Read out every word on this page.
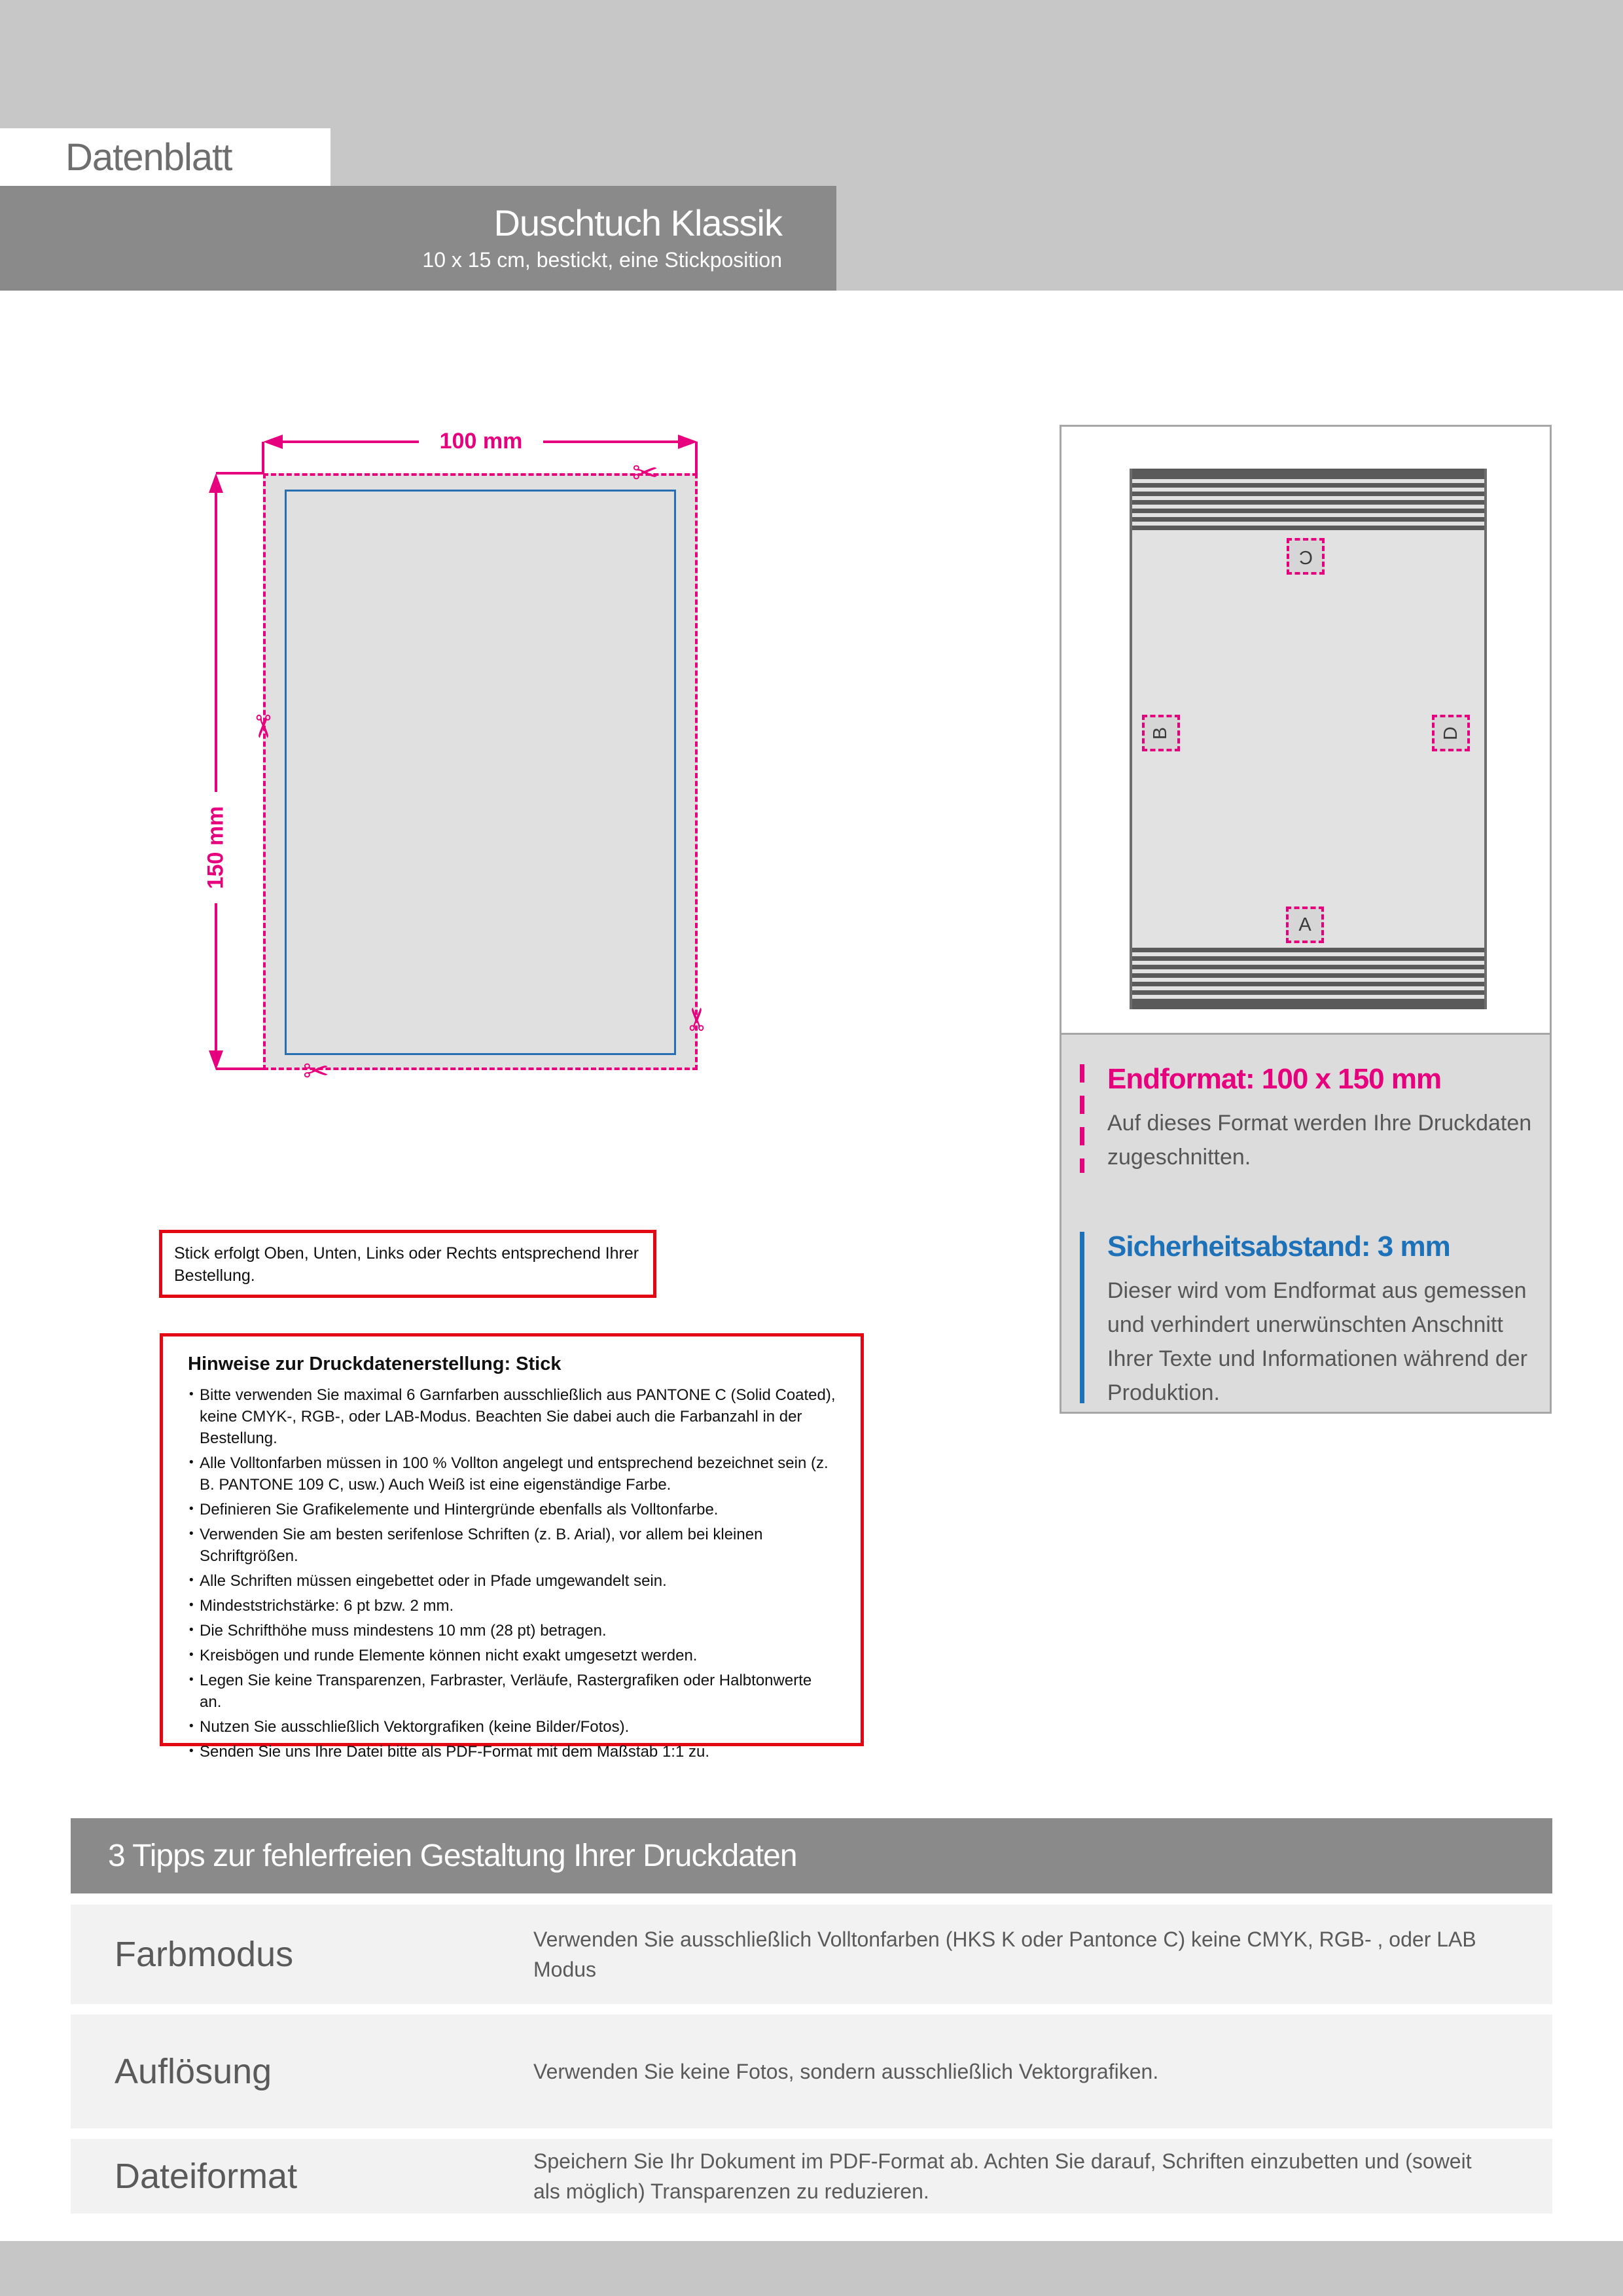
Datenblatt
Duschtuch Klassik
10 x 15 cm, bestickt, eine Stickposition
100 mm
150 mm
✂
✂
✂
✂
Stick erfolgt Oben, Unten, Links oder Rechts entsprechend Ihrer Bestellung.

Hinweise zur Druckdatenerstellung: Stick

• Bitte verwenden Sie maximal 6 Garnfarben ausschließlich aus PANTONE C (Solid Coated), keine CMYK-, RGB-, oder LAB-Modus. Beachten Sie dabei auch die Farbanzahl in der Bestellung.
• Alle Volltonfarben müssen in 100 % Vollton angelegt und entsprechend bezeichnet sein (z. B. PANTONE 109 C, usw.) Auch Weiß ist eine eigenständige Farbe.
• Definieren Sie Grafikelemente und Hintergründe ebenfalls als Volltonfarbe.
• Verwenden Sie am besten serifenlose Schriften (z. B. Arial), vor allem bei kleinen Schriftgrößen.
• Alle Schriften müssen eingebettet oder in Pfade umgewandelt sein.
• Mindeststrichstärke: 6 pt bzw. 2 mm.
• Die Schrifthöhe muss mindestens 10 mm (28 pt) betragen.
• Kreisbögen und runde Elemente können nicht exakt umgesetzt werden.
• Legen Sie keine Transparenzen, Farbraster, Verläufe, Rastergrafiken oder Halbtonwerte an.
• Nutzen Sie ausschließlich Vektorgrafiken (keine Bilder/Fotos).
• Senden Sie uns Ihre Datei bitte als PDF-Format mit dem Maßstab 1:1 zu.
C
B	D
A
Endformat: 100 x 150 mm
Auf dieses Format werden Ihre Druckdaten zugeschnitten.
Sicherheitsabstand: 3 mm
Dieser wird vom Endformat aus gemessen und verhindert unerwünschten Anschnitt Ihrer Texte und Informationen während der Produktion.
3 Tipps zur fehlerfreien Gestaltung Ihrer Druckdaten
Farbmodus	Verwenden Sie ausschließlich Volltonfarben (HKS K oder Pantonce C) keine CMYK, RGB- , oder LAB Modus
Auflösung	Verwenden Sie keine Fotos, sondern ausschließlich Vektorgrafiken.
Dateiformat	Speichern Sie Ihr Dokument im PDF-Format ab. Achten Sie darauf, Schriften einzubetten und (soweit als möglich) Transparenzen zu reduzieren.
